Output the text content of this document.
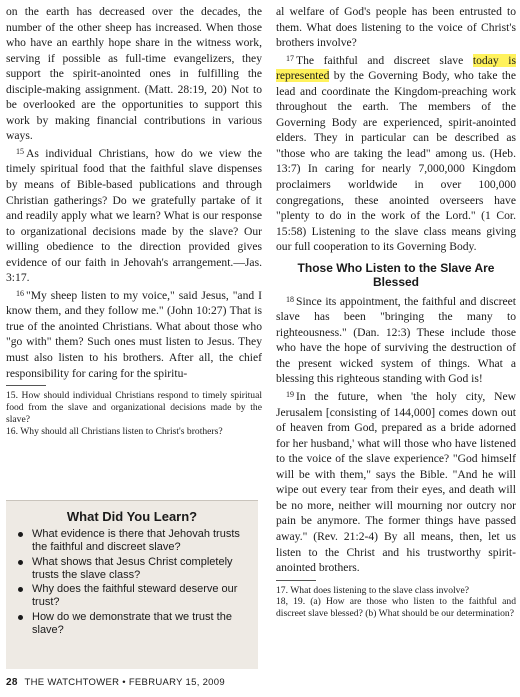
on the earth has decreased over the decades, the number of the other sheep has increased. When those who have an earthly hope share in the witness work, serving if possible as full-time evangelizers, they support the spirit-anointed ones in fulfilling the disciple-making assignment. (Matt. 28:19, 20) Not to be overlooked are the opportunities to support this work by making financial contributions in various ways.

$^{15}$ As individual Christians, how do we view the timely spiritual food that the faithful slave dispenses by means of Bible-based publications and through Christian gatherings? Do we gratefully partake of it and readily apply what we learn? What is our response to organizational decisions made by the slave? Our willing obedience to the direction provided gives evidence of our faith in Jehovah's arrangement.—Jas. 3:17.

$^{16}$ "My sheep listen to my voice," said Jesus, "and I know them, and they follow me." (John 10:27) That is true of the anointed Christians. What about those who "go with" them? Such ones must listen to Jesus. They must also listen to his brothers. After all, the chief responsibility for caring for the spiritu-

15. How should individual Christians respond to timely spiritual food from the slave and organizational decisions made by the slave?

16. Why should all Christians listen to Christ's brothers?

What Did You Learn?
What evidence is there that Jehovah trusts the faithful and discreet slave?
What shows that Jesus Christ completely trusts the slave class?
Why does the faithful steward deserve our trust?
How do we demonstrate that we trust the slave?

al welfare of God's people has been entrusted to them. What does listening to the voice of Christ's brothers involve?

$^{17}$ The faithful and discreet slave today is represented by the Governing Body, who take the lead and coordinate the Kingdom-preaching work throughout the earth. The members of the Governing Body are experienced, spirit-anointed elders. They in particular can be described as "those who are taking the lead" among us. (Heb. 13:7) In caring for nearly 7,000,000 Kingdom proclaimers worldwide in over 100,000 congregations, these anointed overseers have "plenty to do in the work of the Lord." (1 Cor. 15:58) Listening to the slave class means giving our full cooperation to its Governing Body.

Those Who Listen to the Slave Are Blessed

$^{18}$ Since its appointment, the faithful and discreet slave has been "bringing the many to righteousness." (Dan. 12:3) These include those who have the hope of surviving the destruction of the present wicked system of things. What a blessing this righteous standing with God is!

$^{19}$ In the future, when 'the holy city, New Jerusalem [consisting of 144,000] comes down out of heaven from God, prepared as a bride adorned for her husband,' what will those who have listened to the voice of the slave experience? "God himself will be with them," says the Bible. "And he will wipe out every tear from their eyes, and death will be no more, neither will mourning nor outcry nor pain be anymore. The former things have passed away." (Rev. 21:2-4) By all means, then, let us listen to the Christ and his trustworthy spirit-anointed brothers.

17. What does listening to the slave class involve?

18, 19. (a) How are those who listen to the faithful and discreet slave blessed? (b) What should be our determination?

28 THE WATCHTOWER • FEBRUARY 15, 2009
